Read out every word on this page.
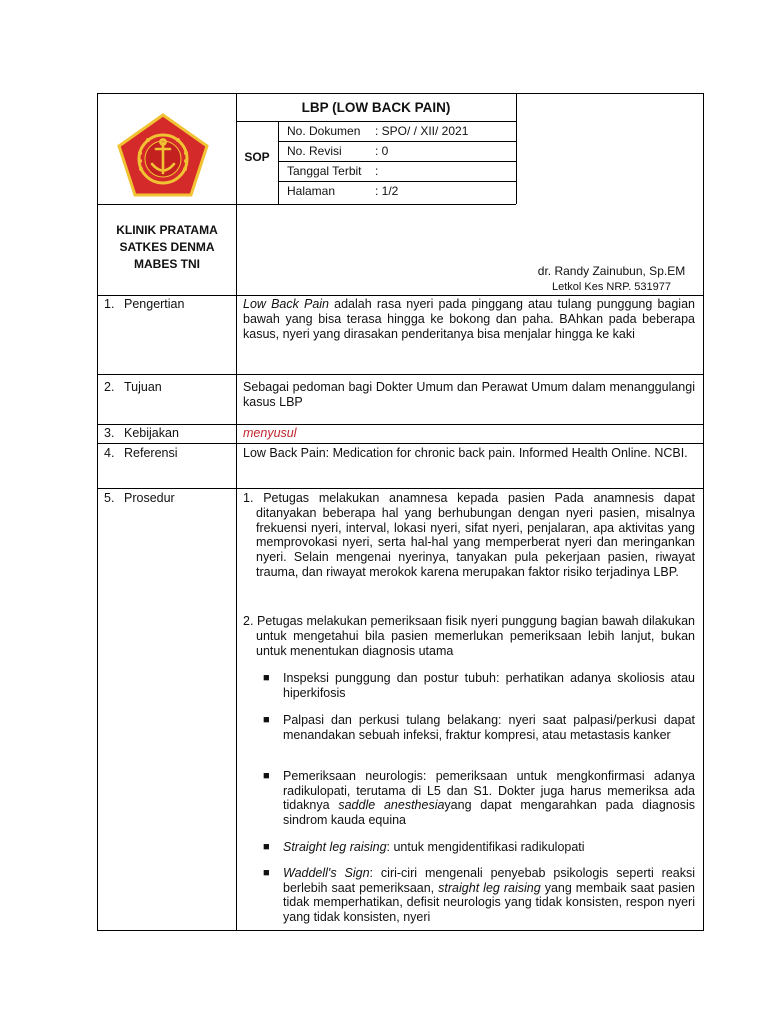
KLINIK PRATAMA
SATKES DENMA
MABES TNI
LBP (LOW BACK PAIN)
SOP
No. Dokumen : SPO/ / XII/ 2021
No. Revisi	: 0
Tanggal Terbit :
Halaman	: 1/2
dr. Randy Zainubun, Sp.EM
Letkol Kes NRP. 531977
1. Pengertian	Low Back Pain adalah rasa nyeri pada pinggang atau tulang punggung bagian bawah yang bisa terasa hingga ke bokong dan paha. BAhkan pada beberapa kasus, nyeri yang dirasakan penderitanya bisa menjalar hingga ke kaki
2. Tujuan	Sebagai pedoman bagi Dokter Umum dan Perawat Umum dalam menanggulangi kasus LBP
3. Kebijakan	menyusul
4. Referensi	Low Back Pain: Medication for chronic back pain. Informed Health Online. NCBI.
5. Prosedur	1. Petugas melakukan anamnesa kepada pasien Pada anamnesis dapat ditanyakan beberapa hal yang berhubungan dengan nyeri pasien, misalnya frekuensi nyeri, interval, lokasi nyeri, sifat nyeri, penjalaran, apa aktivitas yang memprovokasi nyeri, serta hal-hal yang memperberat nyeri dan meringankan nyeri. Selain mengenai nyerinya, tanyakan pula pekerjaan pasien, riwayat trauma, dan riwayat merokok karena merupakan faktor risiko terjadinya LBP.

2. Petugas melakukan pemeriksaan fisik nyeri punggung bagian bawah dilakukan untuk mengetahui bila pasien memerlukan pemeriksaan lebih lanjut, bukan untuk menentukan diagnosis utama

■ Inspeksi punggung dan postur tubuh: perhatikan adanya skoliosis atau hiperkifosis

■ Palpasi dan perkusi tulang belakang: nyeri saat palpasi/perkusi dapat menandakan sebuah infeksi, fraktur kompresi, atau metastasis kanker

■ Pemeriksaan neurologis: pemeriksaan untuk mengkonfirmasi adanya radikulopati, terutama di L5 dan S1. Dokter juga harus memeriksa ada tidaknya saddle anesthesiayang dapat mengarahkan pada diagnosis sindrom kauda equina

■ Straight leg raising: untuk mengidentifikasi radikulopati

■ Waddell's Sign: ciri-ciri mengenali penyebab psikologis seperti reaksi berlebih saat pemeriksaan, straight leg raising yang membaik saat pasien tidak memperhatikan, defisit neurologis yang tidak konsisten, respon nyeri yang tidak konsisten, nyeri
